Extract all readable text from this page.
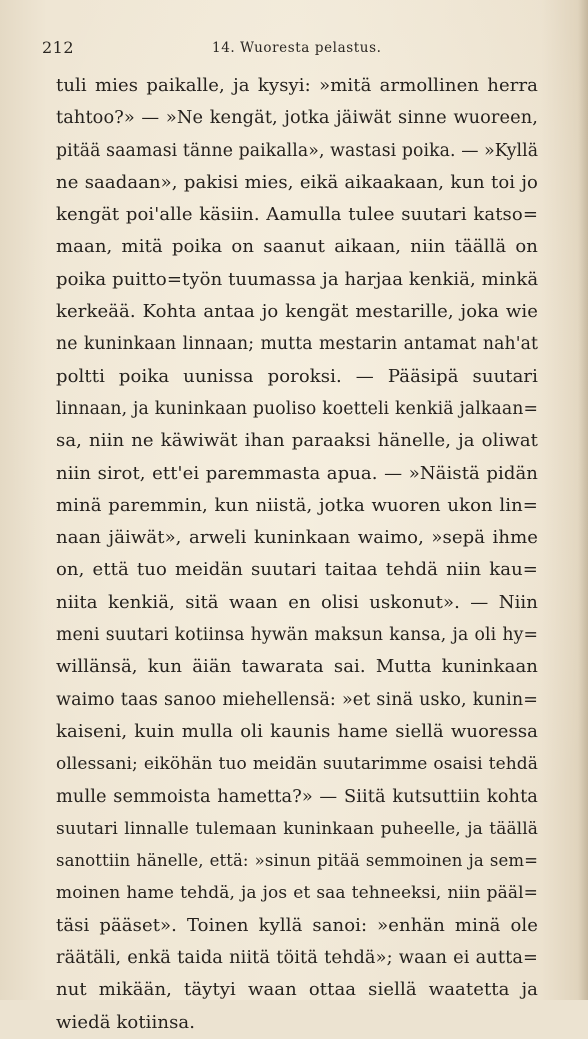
212	14. Wuoresta pelastus.
tuli mies paikalle, ja kysyi: »mitä armollinen herra
tahtoo?» — »Ne kengät, jotka jäiwät sinne wuoreen,
pitää saamasi tänne paikalla», wastasi poika. — »Kyllä
ne saadaan», pakisi mies, eikä aikaakaan, kun toi jo
kengät poi'alle käsiin. Aamulla tulee suutari katso=
maan, mitä poika on saanut aikaan, niin täällä on
poika puitto=työn tuumassa ja harjaa kenkiä, minkä
kerkeää. Kohta antaa jo kengät mestarille, joka wie
ne kuninkaan linnaan; mutta mestarin antamat nah'at
poltti poika uunissa poroksi. — Pääsipä suutari
linnaan, ja kuninkaan puoliso koetteli kenkiä jalkaan=
sa, niin ne käwiwät ihan paraaksi hänelle, ja oliwat
niin sirot, ett'ei paremmasta apua. — »Näistä pidän
minä paremmin, kun niistä, jotka wuoren ukon lin=
naan jäiwät», arweli kuninkaan waimo, »sepä ihme
on, että tuo meidän suutari taitaa tehdä niin kau=
niita kenkiä, sitä waan en olisi uskonut». — Niin
meni suutari kotiinsa hywän maksun kansa, ja oli hy=
willänsä, kun äiän tawarata sai. Mutta kuninkaan
waimo taas sanoo miehellensä: »et sinä usko, kunin=
kaiseni, kuin mulla oli kaunis hame siellä wuoressa
ollessani; eiköhän tuo meidän suutarimme osaisi tehdä
mulle semmoista hametta?» — Siitä kutsuttiin kohta
suutari linnalle tulemaan kuninkaan puheelle, ja täällä
sanottiin hänelle, että: »sinun pitää semmoinen ja sem=
moinen hame tehdä, ja jos et saa tehneeksi, niin pääl=
täsi pääset». Toinen kyllä sanoi: »enhän minä ole
räätäli, enkä taida niitä töitä tehdä»; waan ei autta=
nut mikään, täytyi waan ottaa siellä waatetta ja
wiedä kotiinsa.
